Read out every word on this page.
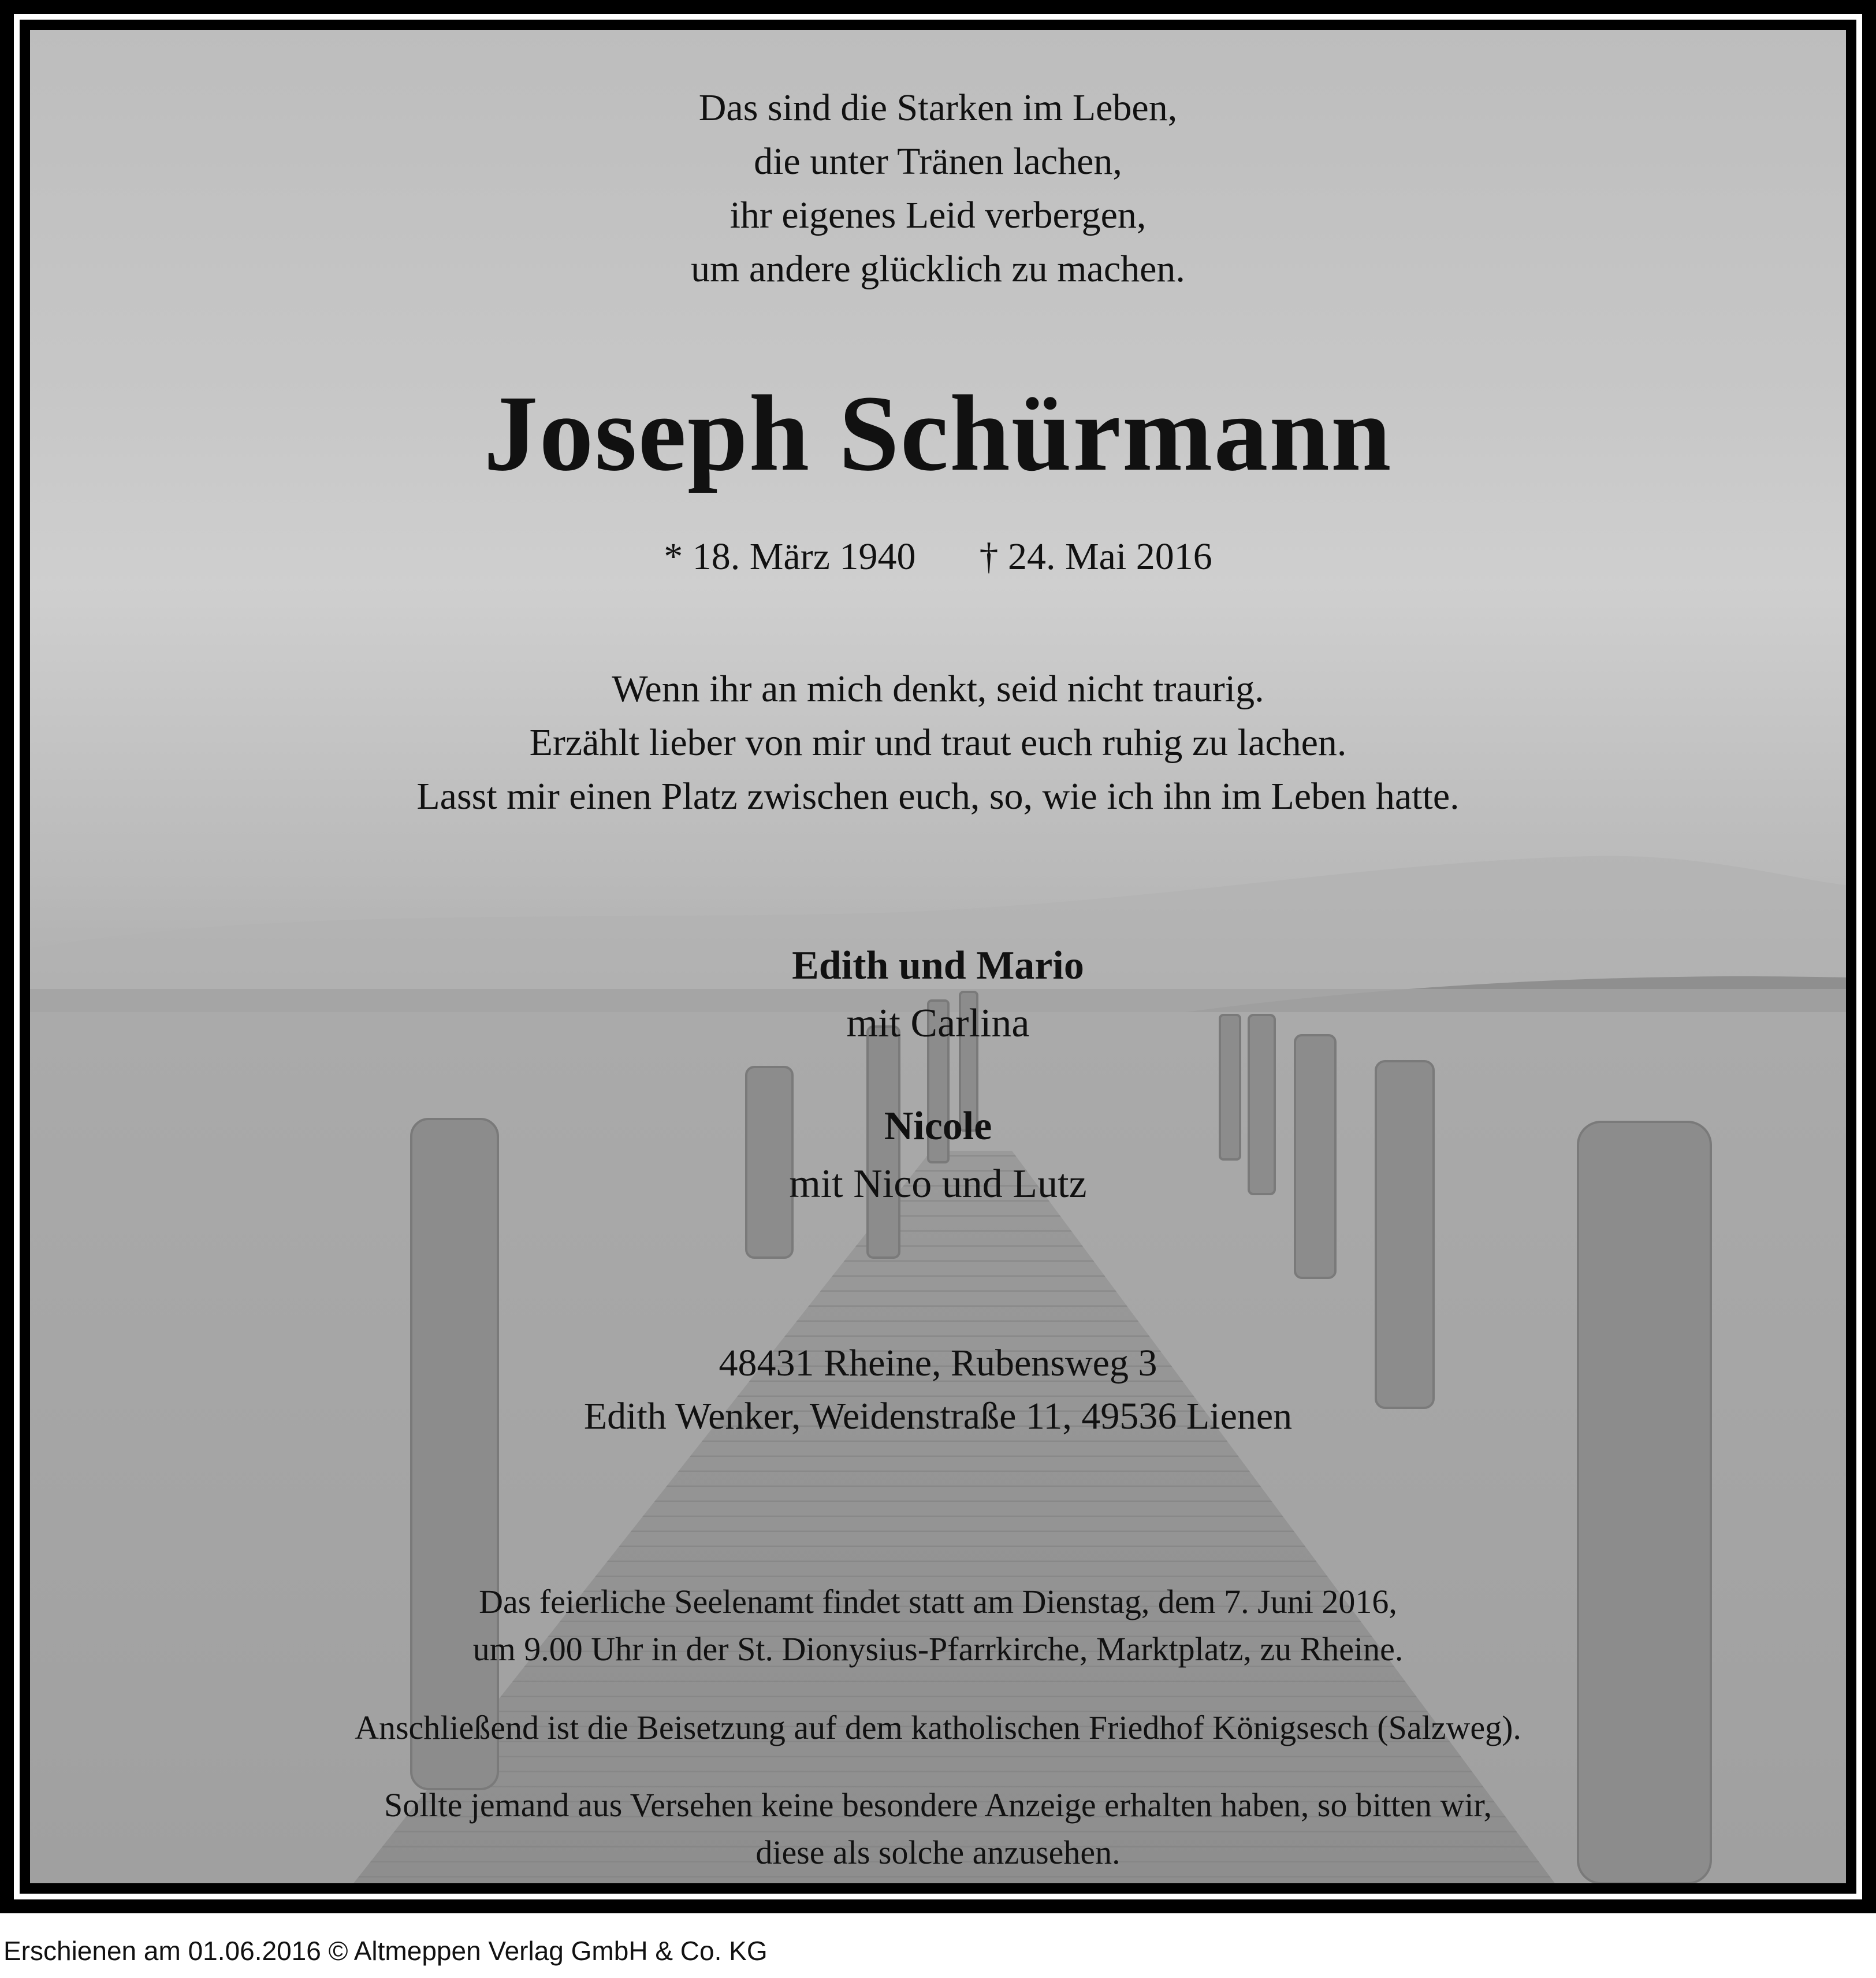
Das sind die Starken im Leben,
die unter Tränen lachen,
ihr eigenes Leid verbergen,
um andere glücklich zu machen.
Joseph Schürmann
* 18. März 1940 † 24. Mai 2016
Wenn ihr an mich denkt, seid nicht traurig.
Erzählt lieber von mir und traut euch ruhig zu lachen.
Lasst mir einen Platz zwischen euch, so, wie ich ihn im Leben hatte.
Edith und Mario
mit Carlina
Nicole
mit Nico und Lutz
48431 Rheine, Rubensweg 3
Edith Wenker, Weidenstraße 11, 49536 Lienen
Das feierliche Seelenamt findet statt am Dienstag, dem 7. Juni 2016,
um 9.00 Uhr in der St. Dionysius-Pfarrkirche, Marktplatz, zu Rheine.
Anschließend ist die Beisetzung auf dem katholischen Friedhof Königsesch (Salzweg).
Sollte jemand aus Versehen keine besondere Anzeige erhalten haben, so bitten wir,
diese als solche anzusehen.
Erschienen am 01.06.2016 © Altmeppen Verlag GmbH & Co. KG
